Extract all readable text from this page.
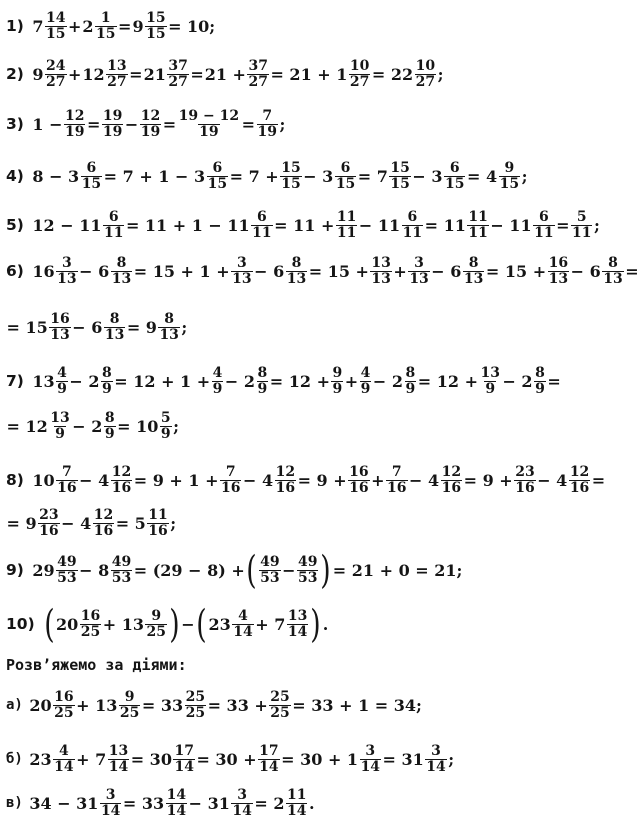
Розв’яжемо за діями:
1) $7 \frac{14}{15} + 2 \frac{1}{15} = 9 \frac{15}{15} = 10$;
2) $9 \frac{24}{27} + 12 \frac{13}{27} = 21 \frac{37}{27} = 21 + \frac{37}{27} = 21 + 1 \frac{10}{27} = 22 \frac{10}{27}$ ;
3) $1 - \frac{12}{19} = \frac{19}{19} - \frac{12}{19} = \frac{19 - 12}{19} = \frac{7}{19}$ ;
4) $8 - 3 \frac{6}{15} = 7 + 1 - 3 \frac{6}{15} = 7 + \frac{15}{15} - 3 \frac{6}{15} = 7 \frac{15}{15} - 3 \frac{6}{15} = 4 \frac{9}{15}$ ;
5) $12 - 11 \frac{6}{11} = 11 + 1 - 11 \frac{6}{11} = 11 + \frac{11}{11} - 11 \frac{6}{11} = 11 \frac{11}{11} - 11 \frac{6}{11} = \frac{5}{11}$ ;
6) $16 \frac{3}{13} - 6 \frac{8}{13} = 15 + 1 + \frac{3}{13} - 6 \frac{8}{13} = 15 + \frac{13}{13} + \frac{3}{13} - 6 \frac{8}{13} = 15 + \frac{16}{13} - 6 \frac{8}{13}$ =
= $15 \frac{16}{13} - 6 \frac{8}{13} = 9 \frac{8}{13}$ ;
7) $13 \frac{4}{9} - 2 \frac{8}{9} = 12 + 1 + \frac{4}{9} - 2 \frac{8}{9} = 12 + \frac{9}{9} + \frac{4}{9} - 2 \frac{8}{9} = 12 + \frac{13}{9} - 2 \frac{8}{9}$ =
= $12 \frac{13}{9} - 2 \frac{8}{9} = 10 \frac{5}{9}$ ;
8) $10 \frac{7}{16} - 4 \frac{12}{16} = 9 + 1 + \frac{7}{16} - 4 \frac{12}{16} = 9 + \frac{16}{16} + \frac{7}{16} - 4 \frac{12}{16} = 9 + \frac{23}{16} - 4 \frac{12}{16}$ =
= $9 \frac{23}{16} - 4 \frac{12}{16} = 5 \frac{11}{16}$ ;
9) $29 \frac{49}{53} - 8 \frac{49}{53} = (29 - 8)$ + ( $\frac{49}{53} - \frac{49}{53}$ ) = 21 + 0 = 21;
10) ( $20 \frac{16}{25} + 13 \frac{9}{25}$ ) − ( $23 \frac{4}{14} + 7 \frac{13}{14}$ ) .
а) $20 \frac{16}{25} + 13 \frac{9}{25} = 33 \frac{25}{25} = 33 + \frac{25}{25} = 33 + 1 = 34$;
б) $23 \frac{4}{14} + 7 \frac{13}{14} = 30 \frac{17}{14} = 30 + \frac{17}{14} = 30 + 1 \frac{3}{14} = 31 \frac{3}{14}$ ;
в) $34 - 31 \frac{3}{14} = 33 \frac{14}{14} - 31 \frac{3}{14} = 2 \frac{11}{14}$ .
